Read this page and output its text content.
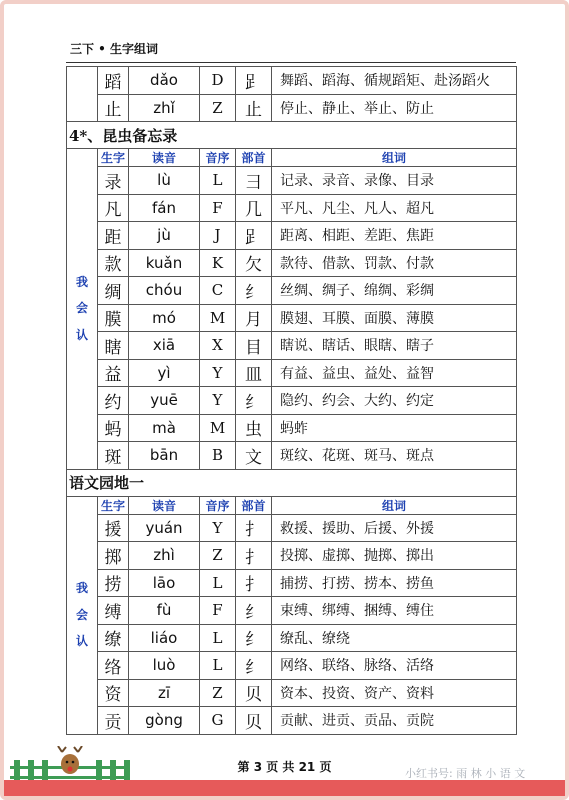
三下 • 生字组词
	蹈	dǎo	D	𧾷	舞蹈、蹈海、循规蹈矩、赴汤蹈火
	止	zhǐ	Z	止	停止、静止、举止、防止
4*、昆虫备忘录					

我
会
认	生字	读音	音序	部首	组词
	录	lù	L	彐	记录、录音、录像、目录
	凡	fán	F	几	平凡、凡尘、凡人、超凡
	距	jù	J	𧾷	距离、相距、差距、焦距
	款	kuǎn	K	欠	款待、借款、罚款、付款
	绸	chóu	C	纟	丝绸、绸子、绵绸、彩绸
	膜	mó	M	月	膜翅、耳膜、面膜、薄膜
	瞎	xiā	X	目	瞎说、瞎话、眼瞎、瞎子
	益	yì	Y	皿	有益、益虫、益处、益智
	约	yuē	Y	纟	隐约、约会、大约、约定
	蚂	mà	M	虫	蚂蚱
	斑	bān	B	文	斑纹、花斑、斑马、斑点
语文园地一					

我
会
认	生字	读音	音序	部首	组词
	援	yuán	Y	扌	救援、援助、后援、外援
	掷	zhì	Z	扌	投掷、虚掷、抛掷、掷出
	捞	lāo	L	扌	捕捞、打捞、捞本、捞鱼
	缚	fù	F	纟	束缚、绑缚、捆缚、缚住
	缭	liáo	L	纟	缭乱、缭绕
	络	luò	L	纟	网络、联络、脉络、活络
	资	zī	Z	贝	资本、投资、资产、资料
	贡	gòng	G	贝	贡献、进贡、贡品、贡院
第 3 页 共 21 页	小红书号: 雨 林 小 语 文
